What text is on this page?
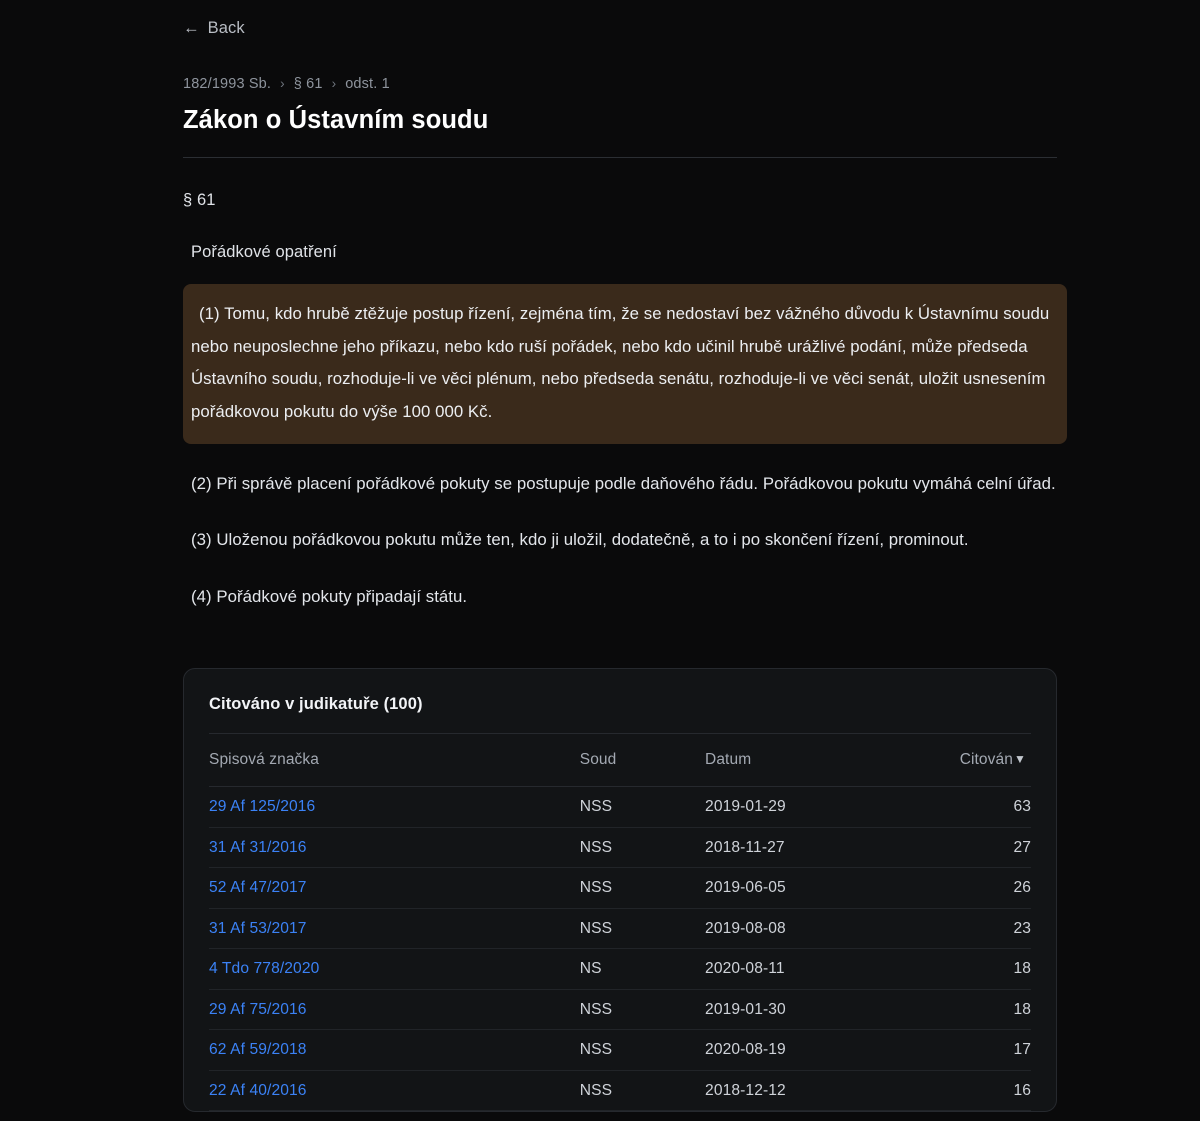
← Back
182/1993 Sb. › § 61 › odst. 1
Zákon o Ústavním soudu
§ 61
Pořádkové opatření

(1) Tomu, kdo hrubě ztěžuje postup řízení, zejména tím, že se nedostaví bez vážného důvodu k Ústavnímu soudu nebo neuposlechne jeho příkazu, nebo kdo ruší pořádek, nebo kdo učinil hrubě urážlivé podání, může předseda Ústavního soudu, rozhoduje-li ve věci plénum, nebo předseda senátu, rozhoduje-li ve věci senát, uložit usnesením pořádkovou pokutu do výše 100 000 Kč.

(2) Při správě placení pořádkové pokuty se postupuje podle daňového řádu. Pořádkovou pokutu vymáhá celní úřad.

(3) Uloženou pořádkovou pokutu může ten, kdo ji uložil, dodatečně, a to i po skončení řízení, prominout.

(4) Pořádkové pokuty připadají státu.

Citováno v judikatuře (100)
Spisová značka	Soud	Datum	Citován▼
29 Af 125/2016	NSS	2019-01-29	63
31 Af 31/2016	NSS	2018-11-27	27
52 Af 47/2017	NSS	2019-06-05	26
31 Af 53/2017	NSS	2019-08-08	23
4 Tdo 778/2020	NS	2020-08-11	18
29 Af 75/2016	NSS	2019-01-30	18
62 Af 59/2018	NSS	2020-08-19	17
22 Af 40/2016	NSS	2018-12-12	16
